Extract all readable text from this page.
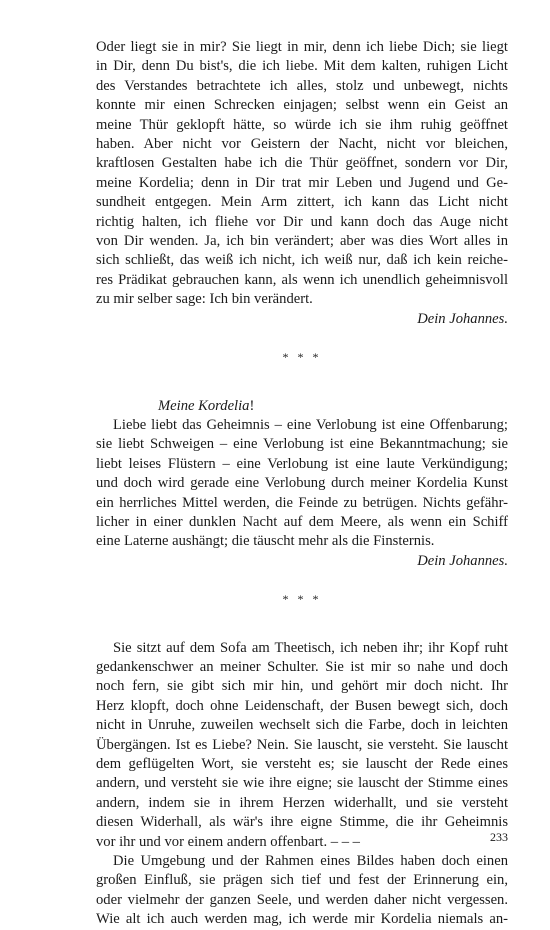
Oder liegt sie in mir? Sie liegt in mir, denn ich liebe Dich; sie liegt

in Dir, denn Du bist's, die ich liebe. Mit dem kalten, ruhigen Licht

des Verstandes betrachtete ich alles, stolz und unbewegt, nichts

konnte mir einen Schrecken einjagen; selbst wenn ein Geist an

meine Thür geklopft hätte, so würde ich sie ihm ruhig geöffnet

haben. Aber nicht vor Geistern der Nacht, nicht vor bleichen,

kraftlosen Gestalten habe ich die Thür geöffnet, sondern vor Dir,

meine Kordelia; denn in Dir trat mir Leben und Jugend und Ge-

sundheit entgegen. Mein Arm zittert, ich kann das Licht nicht

richtig halten, ich fliehe vor Dir und kann doch das Auge nicht

von Dir wenden. Ja, ich bin verändert; aber was dies Wort alles in

sich schließt, das weiß ich nicht, ich weiß nur, daß ich kein reiche-

res Prädikat gebrauchen kann, als wenn ich unendlich geheimnisvoll

zu mir selber sage: Ich bin verändert.

Dein Johannes.

* * *

Meine Kordelia!

Liebe liebt das Geheimnis – eine Verlobung ist eine Offenbarung;

sie liebt Schweigen – eine Verlobung ist eine Bekanntmachung; sie

liebt leises Flüstern – eine Verlobung ist eine laute Verkündigung;

und doch wird gerade eine Verlobung durch meiner Kordelia Kunst

ein herrliches Mittel werden, die Feinde zu betrügen. Nichts gefähr-

licher in einer dunklen Nacht auf dem Meere, als wenn ein Schiff

eine Laterne aushängt; die täuscht mehr als die Finsternis.

Dein Johannes.

* * *

Sie sitzt auf dem Sofa am Theetisch, ich neben ihr; ihr Kopf ruht

gedankenschwer an meiner Schulter. Sie ist mir so nahe und doch

noch fern, sie gibt sich mir hin, und gehört mir doch nicht. Ihr

Herz klopft, doch ohne Leidenschaft, der Busen bewegt sich, doch

nicht in Unruhe, zuweilen wechselt sich die Farbe, doch in leichten

Übergängen. Ist es Liebe? Nein. Sie lauscht, sie versteht. Sie lauscht

dem geflügelten Wort, sie versteht es; sie lauscht der Rede eines

andern, und versteht sie wie ihre eigne; sie lauscht der Stimme eines

andern, indem sie in ihrem Herzen widerhallt, und sie versteht

diesen Widerhall, als wär's ihre eigne Stimme, die ihr Geheimnis

vor ihr und vor einem andern offenbart. – – –

Die Umgebung und der Rahmen eines Bildes haben doch einen

großen Einfluß, sie prägen sich tief und fest der Erinnerung ein,

oder vielmehr der ganzen Seele, und werden daher nicht vergessen.

Wie alt ich auch werden mag, ich werde mir Kordelia niemals an-

233
